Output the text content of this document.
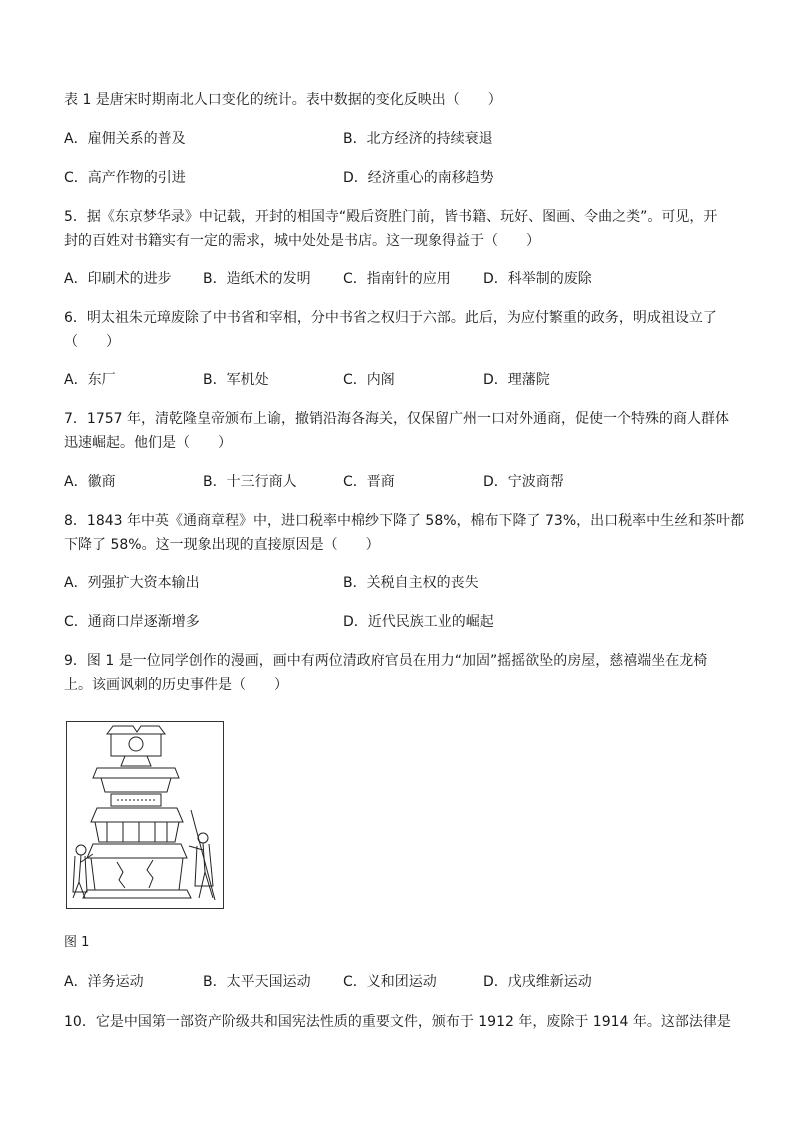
表 1 是唐宋时期南北人口变化的统计。表中数据的变化反映出（　　）
A．雇佣关系的普及	B．北方经济的持续衰退
C．高产作物的引进	D．经济重心的南移趋势
5．据《东京梦华录》中记载，开封的相国寺“殿后资胜门前，皆书籍、玩好、图画、令曲之类”。可见，开
封的百姓对书籍实有一定的需求，城中处处是书店。这一现象得益于（　　）
A．印刷术的进步 B．造纸术的发明 C．指南针的应用 D．科举制的废除
6．明太祖朱元璋废除了中书省和宰相，分中书省之权归于六部。此后，为应付繁重的政务，明成祖设立了
（　　）
A．东厂	B．军机处	C．内阁	D．理藩院
7．1757 年，清乾隆皇帝颁布上谕，撤销沿海各海关，仅保留广州一口对外通商，促使一个特殊的商人群体
迅速崛起。他们是（　　）
A．徽商	B．十三行商人	C．晋商	D．宁波商帮
8．1843 年中英《通商章程》中，进口税率中棉纱下降了 58%，棉布下降了 73%，出口税率中生丝和茶叶都
下降了 58%。这一现象出现的直接原因是（　　）
A．列强扩大资本输出	B．关税自主权的丧失
C．通商口岸逐渐增多	D．近代民族工业的崛起
9．图 1 是一位同学创作的漫画，画中有两位清政府官员在用力“加固”摇摇欲坠的房屋，慈禧端坐在龙椅
上。该画讽刺的历史事件是（　　）
图 1
A．洋务运动	B．太平天国运动 C．义和团运动	D．戊戌维新运动
10．它是中国第一部资产阶级共和国宪法性质的重要文件，颁布于 1912 年，废除于 1914 年。这部法律是
